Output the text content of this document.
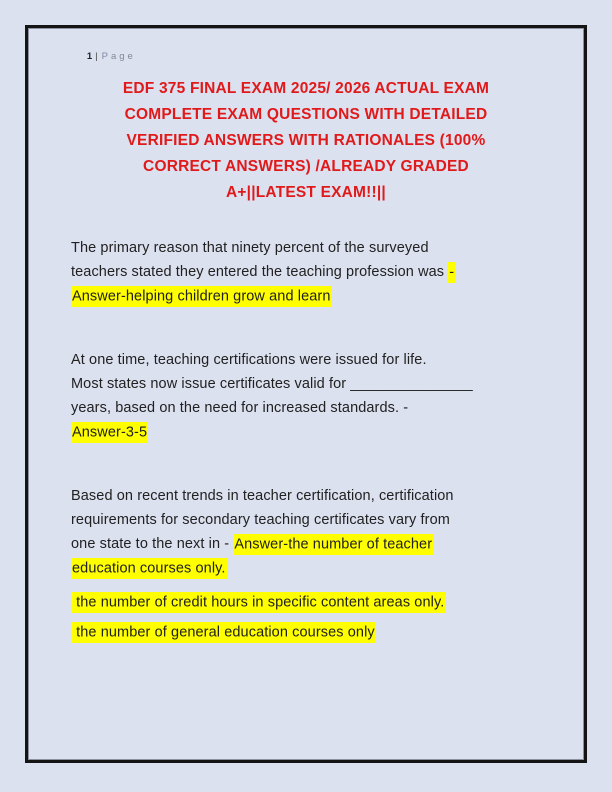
1 | Page

EDF 375 FINAL EXAM 2025/ 2026 ACTUAL EXAM
COMPLETE EXAM QUESTIONS WITH DETAILED
VERIFIED ANSWERS WITH RATIONALES (100%
CORRECT ANSWERS) /ALREADY GRADED
A+||LATEST EXAM!!||
The primary reason that ninety percent of the surveyed
teachers stated they entered the teaching profession was -
Answer-helping children grow and learn
At one time, teaching certifications were issued for life.
Most states now issue certificates valid for _______________
years, based on the need for increased standards. -
Answer-3-5
Based on recent trends in teacher certification, certification
requirements for secondary teaching certificates vary from
one state to the next in - Answer-the number of teacher
education courses only.
the number of credit hours in specific content areas only.
the number of general education courses only
